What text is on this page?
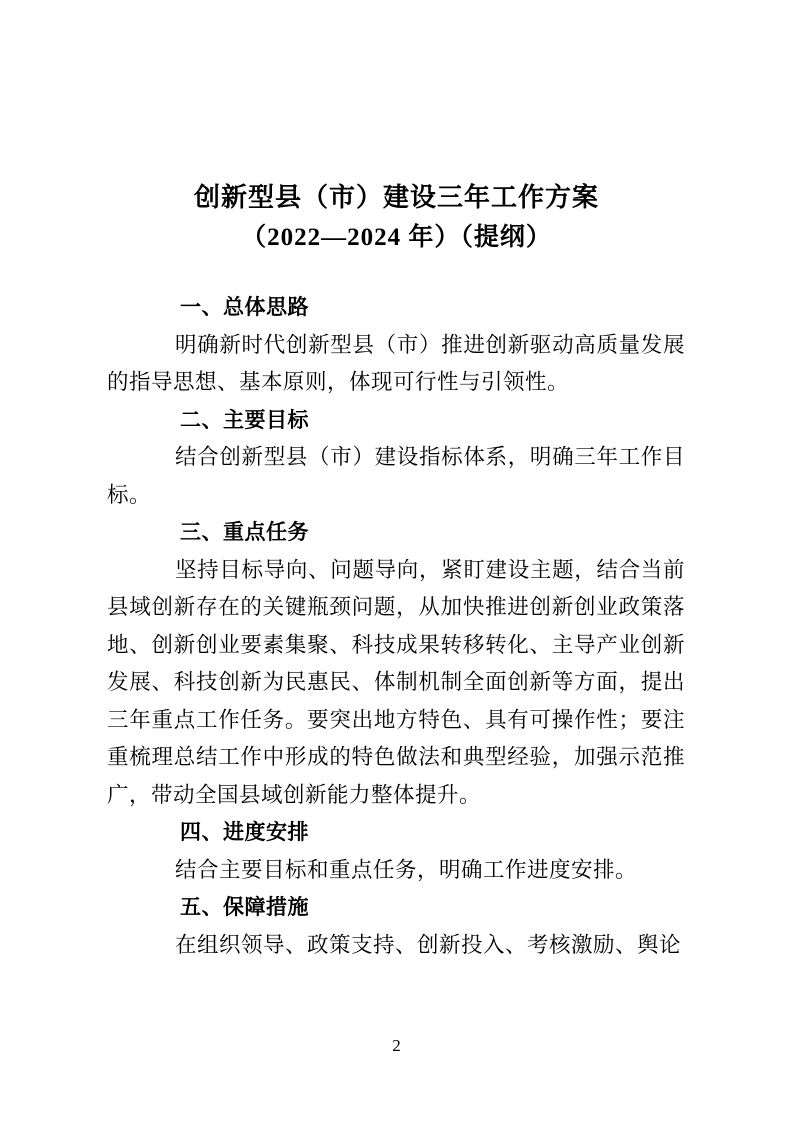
创新型县（市）建设三年工作方案
（2022—2024 年）（提纲）
一、总体思路
明确新时代创新型县（市）推进创新驱动高质量发展的指导思想、基本原则，体现可行性与引领性。
二、主要目标
结合创新型县（市）建设指标体系，明确三年工作目标。
三、重点任务
坚持目标导向、问题导向，紧盯建设主题，结合当前县域创新存在的关键瓶颈问题，从加快推进创新创业政策落地、创新创业要素集聚、科技成果转移转化、主导产业创新发展、科技创新为民惠民、体制机制全面创新等方面，提出三年重点工作任务。要突出地方特色、具有可操作性；要注重梳理总结工作中形成的特色做法和典型经验，加强示范推广，带动全国县域创新能力整体提升。
四、进度安排
结合主要目标和重点任务，明确工作进度安排。
五、保障措施
在组织领导、政策支持、创新投入、考核激励、舆论
2
